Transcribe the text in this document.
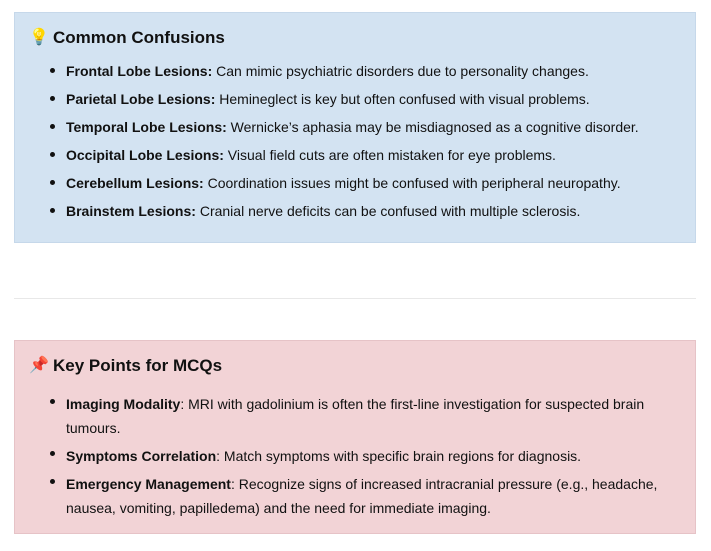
💡 Common Confusions
Frontal Lobe Lesions: Can mimic psychiatric disorders due to personality changes.
Parietal Lobe Lesions: Hemineglect is key but often confused with visual problems.
Temporal Lobe Lesions: Wernicke’s aphasia may be misdiagnosed as a cognitive disorder.
Occipital Lobe Lesions: Visual field cuts are often mistaken for eye problems.
Cerebellum Lesions: Coordination issues might be confused with peripheral neuropathy.
Brainstem Lesions: Cranial nerve deficits can be confused with multiple sclerosis.
📌 Key Points for MCQs
Imaging Modality: MRI with gadolinium is often the first-line investigation for suspected brain tumours.
Symptoms Correlation: Match symptoms with specific brain regions for diagnosis.
Emergency Management: Recognize signs of increased intracranial pressure (e.g., headache, nausea, vomiting, papilledema) and the need for immediate imaging.
